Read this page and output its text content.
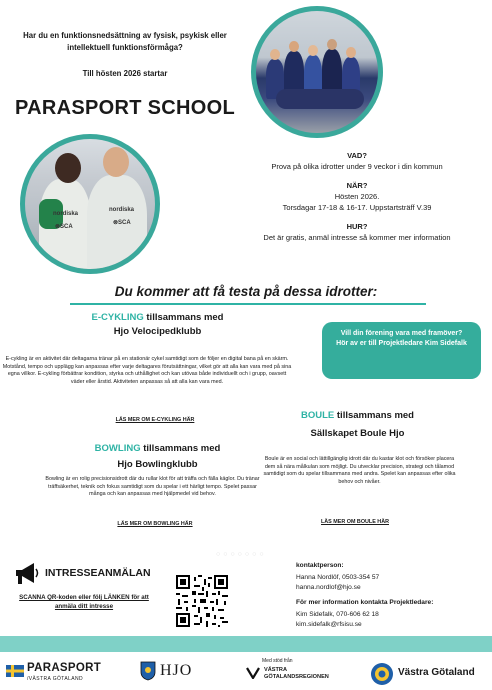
Har du en funktionsnedsättning av fysisk, psykisk eller intellektuell funktionsförmåga?
Till hösten 2026 startar
PARASPORT SCHOOL
nordiska
nordiska
⊗SCA
⊗SCA
VAD?
Prova på olika idrotter under 9 veckor i din kommun
NÄR?
Hösten 2026.
Torsdagar 17-18 & 16-17. Uppstartsträff V.39
HUR?
Det är gratis, anmäl intresse så kommer mer information
Du kommer att få testa på dessa idrotter:
E-CYKLING tillsammans med
Hjo Velocipedklubb
E-cykling är en aktivitet där deltagarna tränar på en stationär cykel samtidigt som de följer en digital bana på en skärm. Motstånd, tempo och upplägg kan anpassas efter varje deltagares förutsättningar, vilket gör att alla kan vara med på sina egna villkor. E-cykling förbättrar kondition, styrka och uthållighet och kan utövas både individuellt och i grupp, oavsett väder eller årstid. Aktiviteten anpassas så att alla kan vara med.
LÄS MER OM E-CYKLING HÄR
Vill din förening vara med framöver?
Hör av er till Projektledare Kim Sidefalk
BOULE tillsammans med
Sällskapet Boule Hjo
Boule är en social och lättillgänglig idrott där du kastar klot och försöker placera dem så nära målkulan som möjligt. Du utvecklar precision, strategi och tålamod samtidigt som du spelar tillsammans med andra. Spelet kan anpassas efter olika behov och nivåer.
LÄS MER OM BOULE HÄR
BOWLING tillsammans med
Hjo Bowlingklubb
Bowling är en rolig precisionsidrott där du rullar klot för att träffa och fälla käglor. Du tränar träffsäkerhet, teknik och fokus samtidigt som du spelar i ett härligt tempo. Spelet passar många och kan anpassas med hjälpmedel vid behov.
LÄS MER OM BOWLING HÄR
○○○○○○○
INTRESSEANMÄLAN
SCANNA QR-koden eller följ LÄNKEN för att anmäla ditt intresse
kontaktperson:
Hanna Nordlöf, 0503-354 57
hanna.nordlof@hjo.se
För mer information kontakta Projektledare:
Kim Sidefalk, 070-606 62 18
kim.sidefalk@rfsisu.se
PARASPORT
/VÄSTRA GÖTALAND	HJO
Med stöd från
VÄSTRA GÖTALANDSREGIONEN	Västra Götaland
